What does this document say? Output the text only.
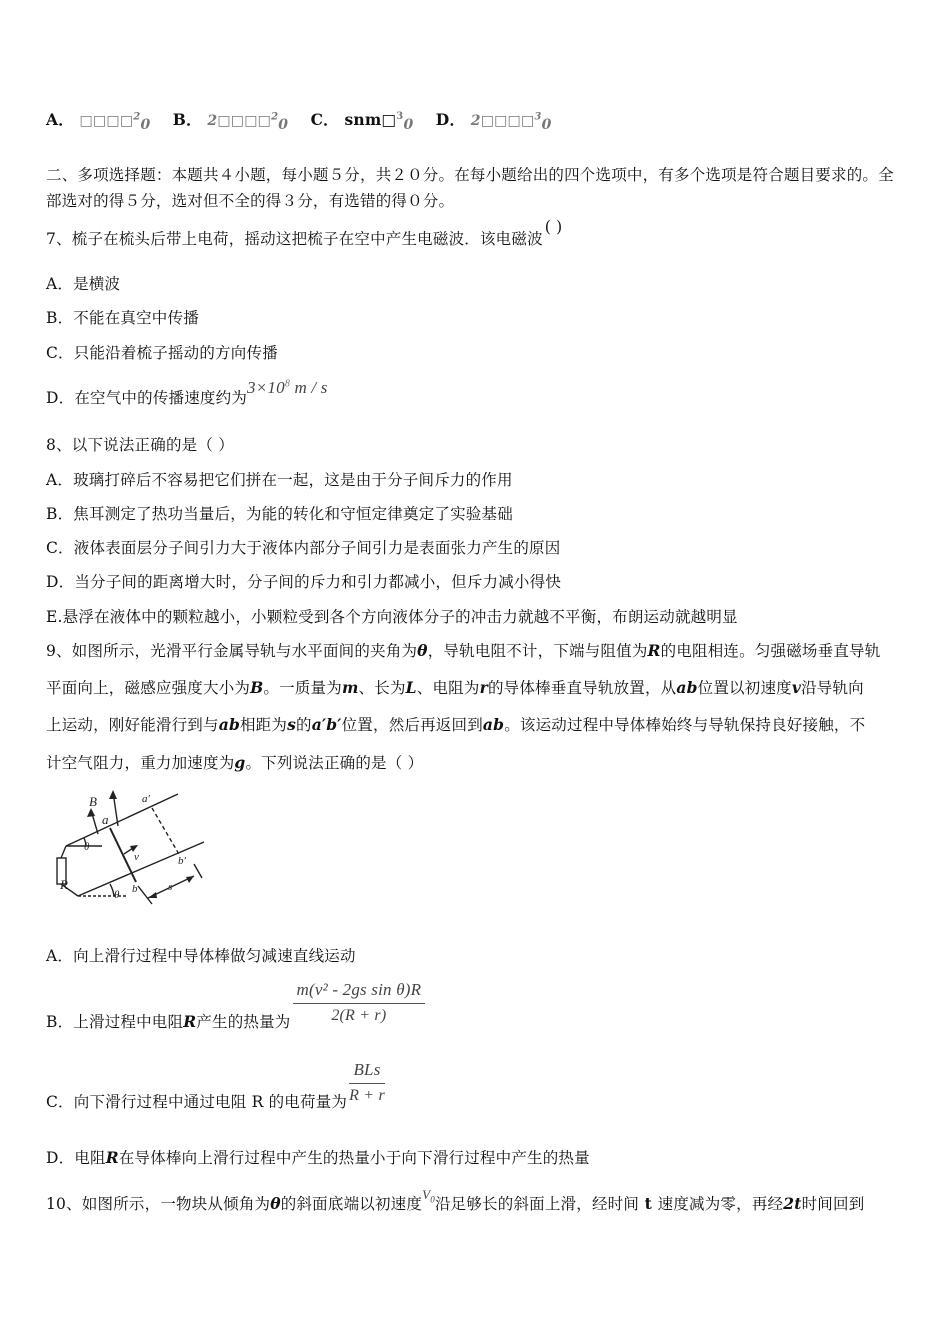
A． □□□□$^2_0$ B． 2□□□□$^2_0$ C． snm□$^3_0$ D． 2□□□□$^3_0$
二、多项选择题：本题共４小题，每小题５分，共２０分。在每小题给出的四个选项中，有多个选项是符合题目要求的。全
部选对的得５分，选对但不全的得３分，有选错的得０分。
7、梳子在梳头后带上电荷，摇动这把梳子在空中产生电磁波．该电磁波( )
A．是横波
B．不能在真空中传播
C．只能沿着梳子摇动的方向传播
D．在空气中的传播速度约为$3\times 10^8$ m / s
8、以下说法正确的是（ ）
A．玻璃打碎后不容易把它们拼在一起，这是由于分子间斥力的作用
B．焦耳测定了热功当量后，为能的转化和守恒定律奠定了实验基础
C．液体表面层分子间引力大于液体内部分子间引力是表面张力产生的原因
D．当分子间的距离增大时，分子间的斥力和引力都减小，但斥力减小得快
E.悬浮在液体中的颗粒越小，小颗粒受到各个方向液体分子的冲击力就越不平衡，布朗运动就越明显
9、如图所示，光滑平行金属导轨与水平面间的夹角为θ，导轨电阻不计，下端与阻值为R的电阻相连。匀强磁场垂直导轨
平面向上，磁感应强度大小为B。一质量为m、长为L、电阻为r的导体棒垂直导轨放置，从ab位置以初速度v沿导轨向
上运动，刚好能滑行到与ab相距为s的a′b′位置，然后再返回到ab。该运动过程中导体棒始终与导轨保持良好接触，不
计空气阻力，重力加速度为g。下列说法正确的是（ ）
B
a
a′
θ
v	b′
R
θ b	s
A．向上滑行过程中导体棒做匀减速直线运动
B．上滑过程中电阻R产生的热量为 $\frac{\text{m(v² - 2gs sin θ)R}}{2(R + r)}$
C．向下滑行过程中通过电阻 R 的电荷量为 $\frac{\text{BLs}}{R + r}$
D．电阻R在导体棒向上滑行过程中产生的热量小于向下滑行过程中产生的热量
10、如图所示，一物块从倾角为θ的斜面底端以初速度$^{V_0}$沿足够长的斜面上滑，经时间 t 速度减为零，再经2t时间回到
